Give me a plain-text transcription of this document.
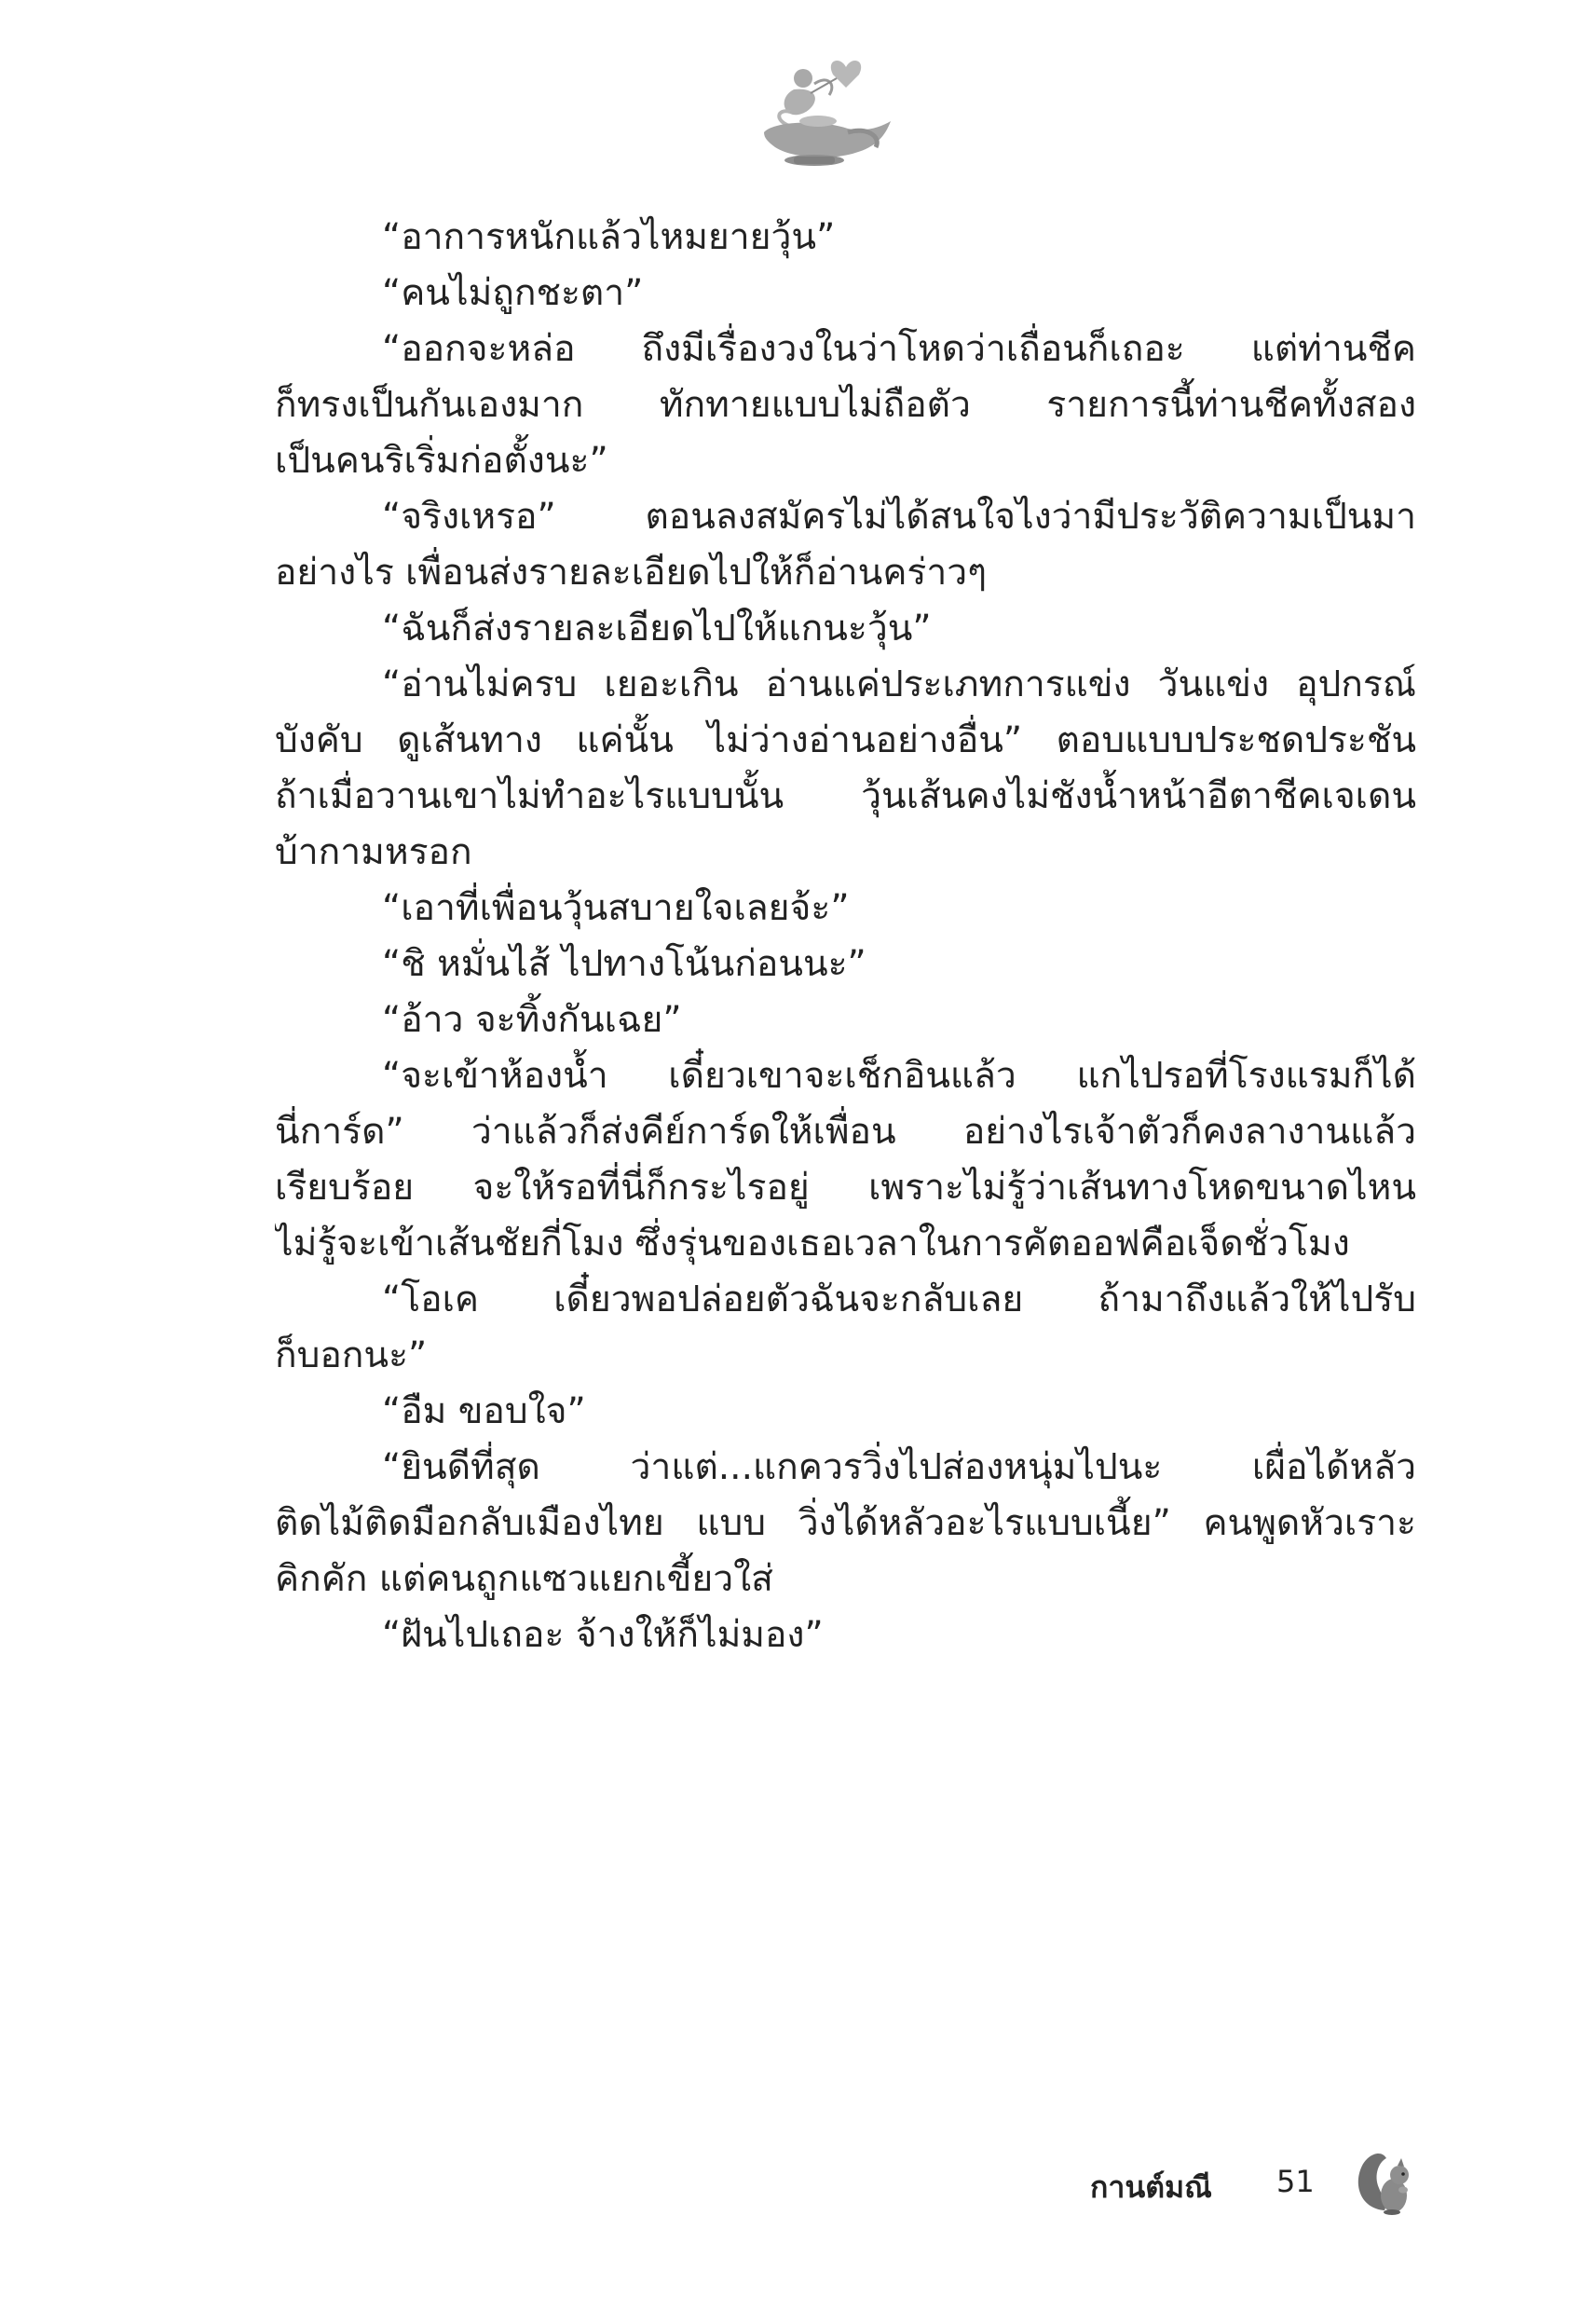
“อาการหนักแล้วไหมยายวุ้น”
“คนไม่ถูกชะตา”
“ออกจะหล่อ ถึงมีเรื่องวงในว่าโหดว่าเถื่อนก็เถอะ แต่ท่านชีค
ก็ทรงเป็นกันเองมาก ทักทายแบบไม่ถือตัว รายการนี้ท่านชีคทั้งสอง
เป็นคนริเริ่มก่อตั้งนะ”
“จริงเหรอ” ตอนลงสมัครไม่ได้สนใจไงว่ามีประวัติความเป็นมา
อย่างไร เพื่อนส่งรายละเอียดไปให้ก็อ่านคร่าวๆ
“ฉันก็ส่งรายละเอียดไปให้แกนะวุ้น”
“อ่านไม่ครบ เยอะเกิน อ่านแค่ประเภทการแข่ง วันแข่ง อุปกรณ์
บังคับ ดูเส้นทาง แค่นั้น ไม่ว่างอ่านอย่างอื่น” ตอบแบบประชดประชัน
ถ้าเมื่อวานเขาไม่ทำอะไรแบบนั้น วุ้นเส้นคงไม่ชังน้ำหน้าอีตาชีคเจเดน
บ้ากามหรอก
“เอาที่เพื่อนวุ้นสบายใจเลยจ้ะ”
“ชิ หมั่นไส้ ไปทางโน้นก่อนนะ”
“อ้าว จะทิ้งกันเฉย”
“จะเข้าห้องน้ำ เดี๋ยวเขาจะเช็กอินแล้ว แกไปรอที่โรงแรมก็ได้
นี่การ์ด” ว่าแล้วก็ส่งคีย์การ์ดให้เพื่อน อย่างไรเจ้าตัวก็คงลางานแล้ว
เรียบร้อย จะให้รอที่นี่ก็กระไรอยู่ เพราะไม่รู้ว่าเส้นทางโหดขนาดไหน
ไม่รู้จะเข้าเส้นชัยกี่โมง ซึ่งรุ่นของเธอเวลาในการคัตออฟคือเจ็ดชั่วโมง
“โอเค เดี๋ยวพอปล่อยตัวฉันจะกลับเลย ถ้ามาถึงแล้วให้ไปรับ
ก็บอกนะ”
“อืม ขอบใจ”
“ยินดีที่สุด ว่าแต่...แกควรวิ่งไปส่องหนุ่มไปนะ เผื่อได้หลัว
ติดไม้ติดมือกลับเมืองไทย แบบ วิ่งได้หลัวอะไรแบบเนี้ย” คนพูดหัวเราะ
คิกคัก แต่คนถูกแซวแยกเขี้ยวใส่
“ฝันไปเถอะ จ้างให้ก็ไม่มอง”
กานต์มณี 51
